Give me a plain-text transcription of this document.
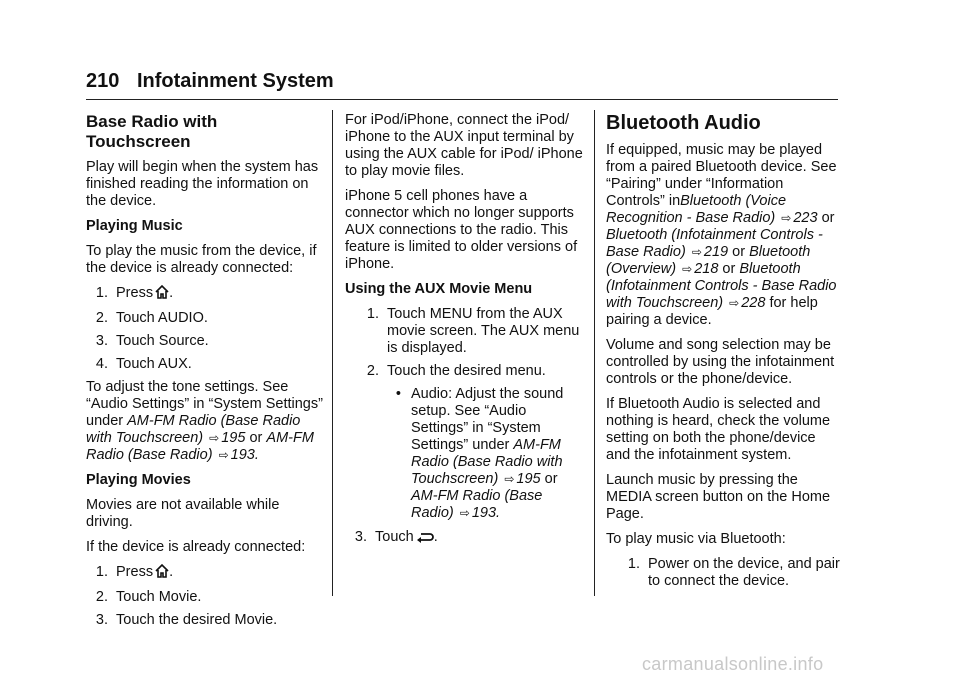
210 Infotainment System
Base Radio with Touchscreen

Play will begin when the system has finished reading the information on the device.

Playing Music

To play the music from the device, if the device is already connected:

1. Press .
2. Touch AUDIO.
3. Touch Source.
4. Touch AUX.

To adjust the tone settings. See “Audio Settings” in “System Settings” under AM-FM Radio (Base Radio with Touchscreen) ⇨ 195 or AM-FM Radio (Base Radio) ⇨ 193.

Playing Movies

Movies are not available while driving.

If the device is already connected:

1. Press .
2. Touch Movie.
3. Touch the desired Movie.

For iPod/iPhone, connect the iPod/ iPhone to the AUX input terminal by using the AUX cable for iPod/ iPhone to play movie files.

iPhone 5 cell phones have a connector which no longer supports AUX connections to the radio. This feature is limited to older versions of iPhone.

Using the AUX Movie Menu

1. Touch MENU from the AUX movie screen. The AUX menu is displayed.
2. Touch the desired menu.
• Audio: Adjust the sound setup. See “Audio Settings” in “System Settings” under AM-FM Radio (Base Radio with Touchscreen) ⇨ 195 or AM-FM Radio (Base Radio) ⇨ 193.
3. Touch .
Bluetooth Audio

If equipped, music may be played from a paired Bluetooth device. See “Pairing” under “Information Controls” inBluetooth (Voice Recognition - Base Radio) ⇨ 223 or Bluetooth (Infotainment Controls - Base Radio) ⇨ 219 or Bluetooth (Overview) ⇨ 218 or Bluetooth (Infotainment Controls - Base Radio with Touchscreen) ⇨ 228 for help pairing a device.

Volume and song selection may be controlled by using the infotainment controls or the phone/device.

If Bluetooth Audio is selected and nothing is heard, check the volume setting on both the phone/device and the infotainment system.

Launch music by pressing the MEDIA screen button on the Home Page.

To play music via Bluetooth:

1. Power on the device, and pair to connect the device.
carmanualsonline.info
